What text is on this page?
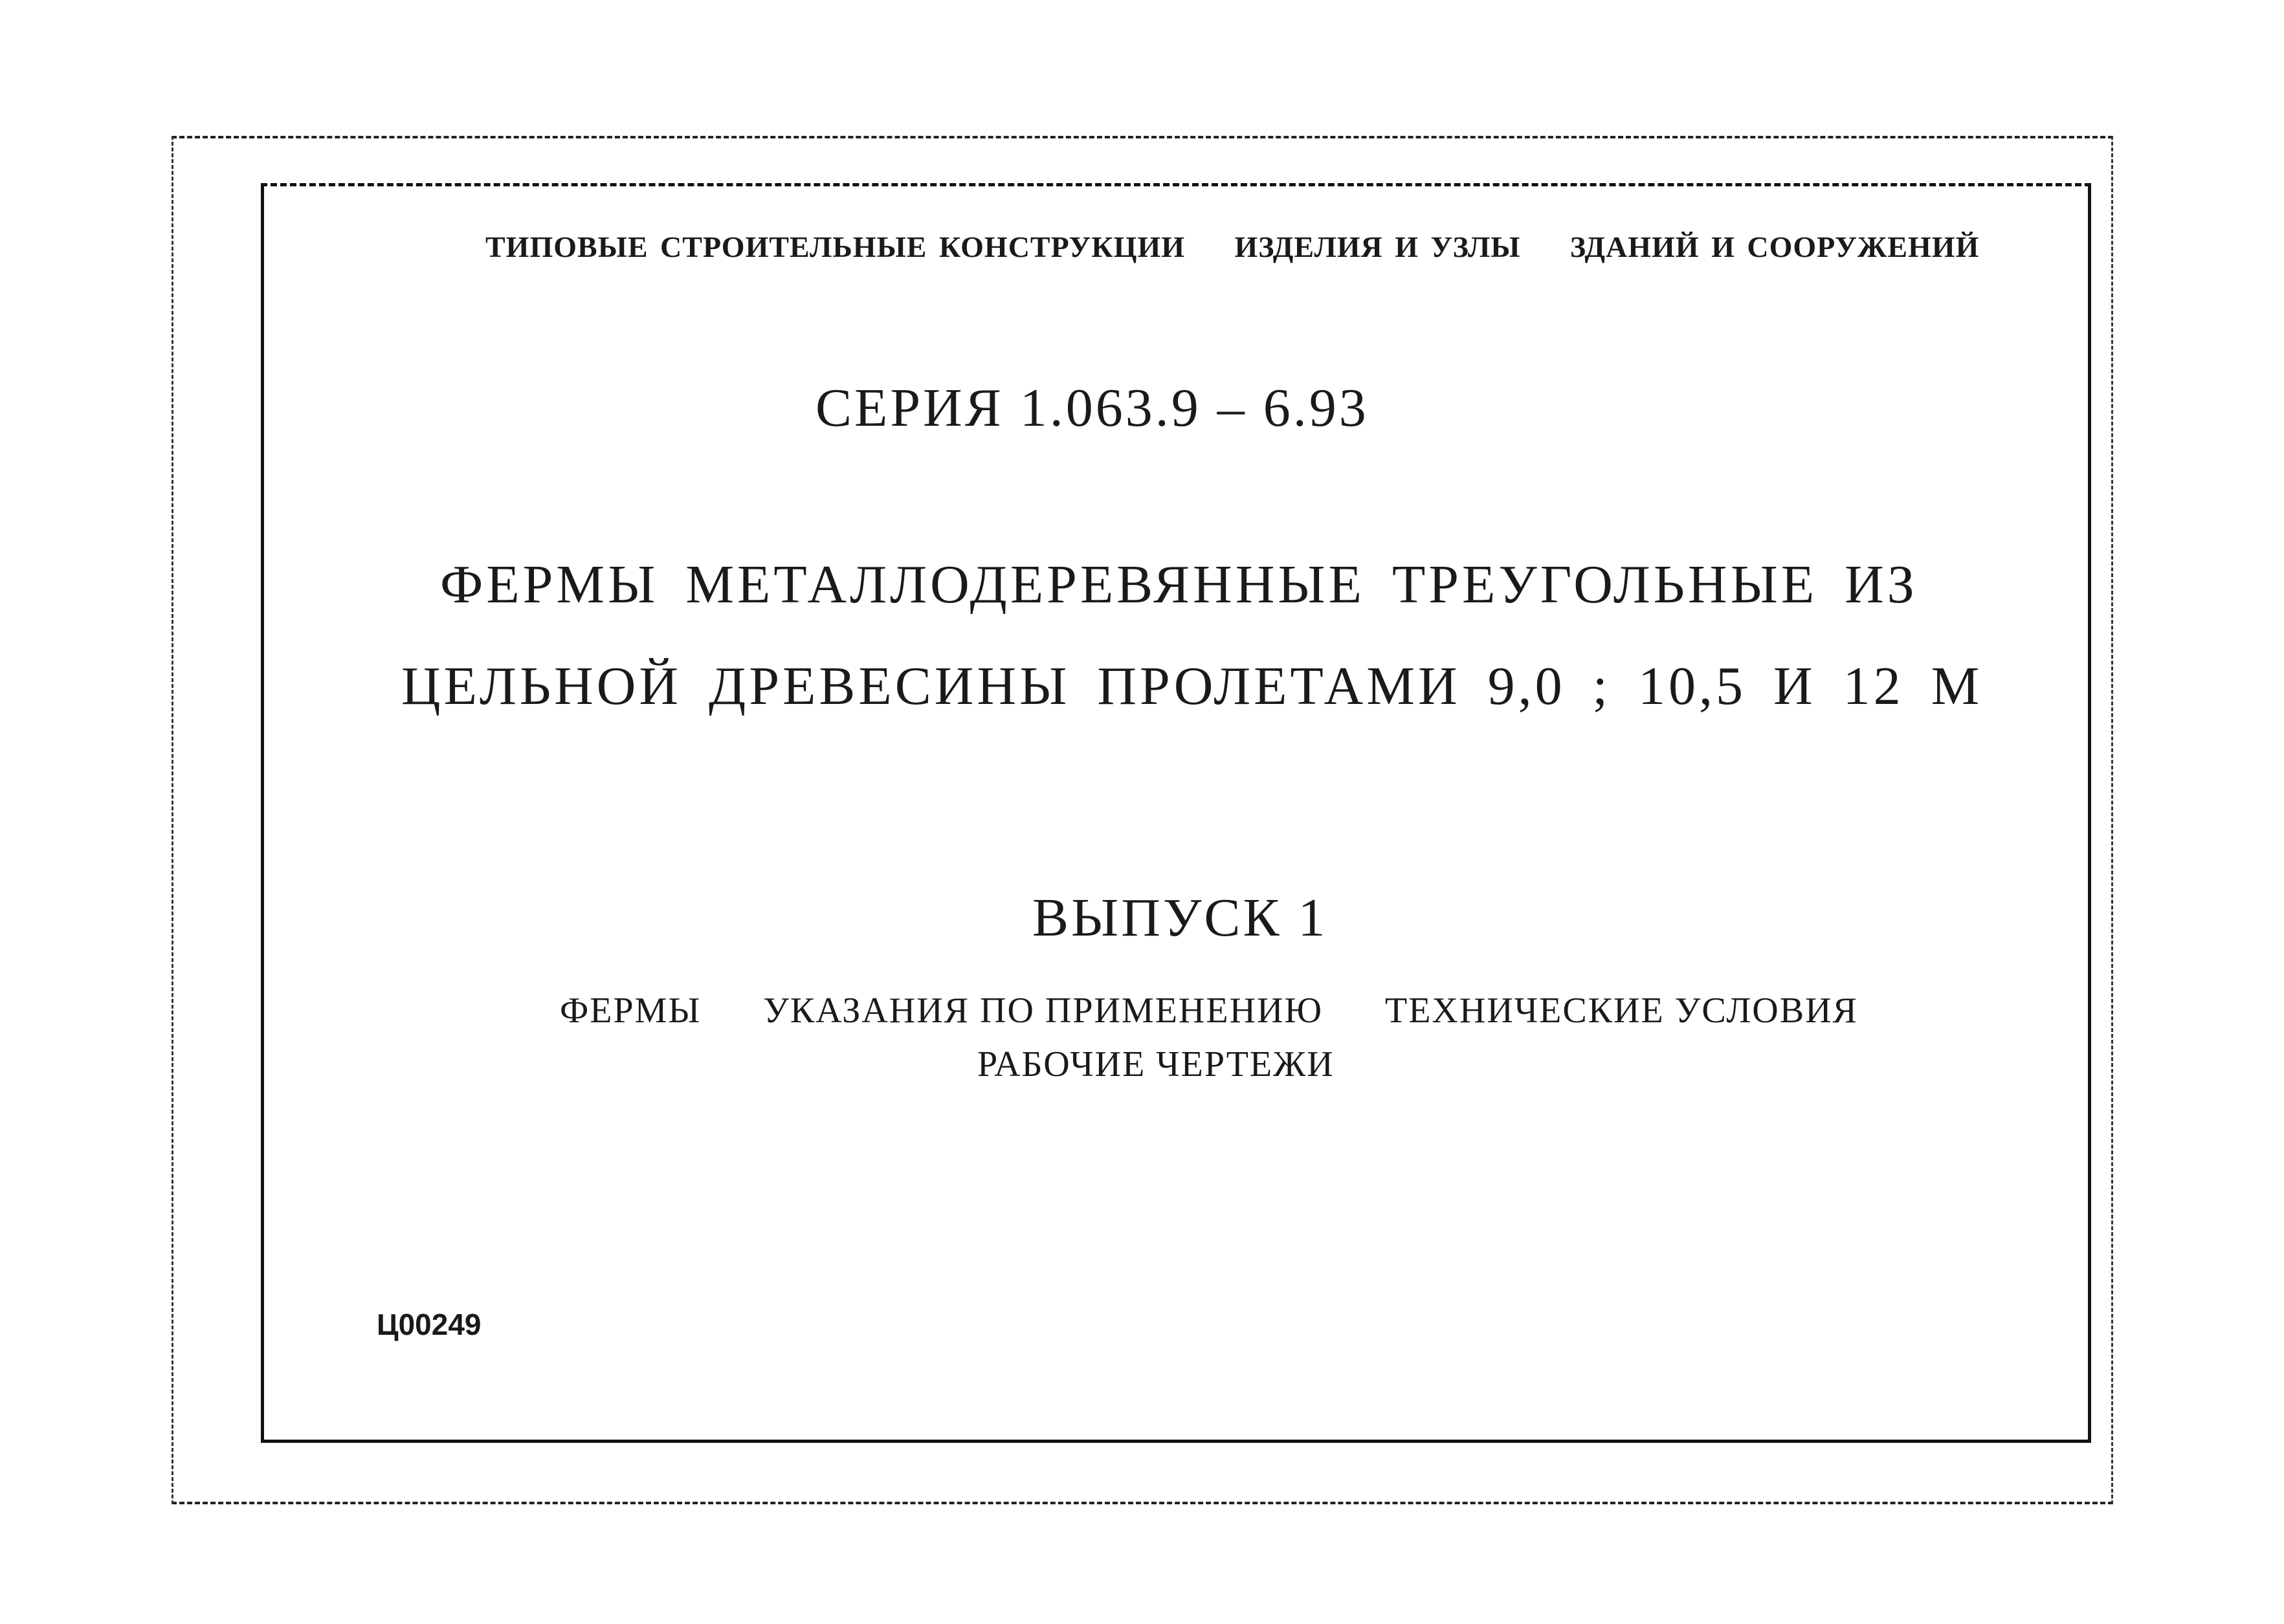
ТИПОВЫЕ СТРОИТЕЛЬНЫЕ КОНСТРУКЦИИ ИЗДЕЛИЯ И УЗЛЫ ЗДАНИЙ И СООРУЖЕНИЙ
СЕРИЯ 1.063.9 – 6.93
ФЕРМЫ МЕТАЛЛОДЕРЕВЯННЫЕ ТРЕУГОЛЬНЫЕ ИЗ
ЦЕЛЬНОЙ ДРЕВЕСИНЫ ПРОЛЕТАМИ 9,0 ; 10,5 И 12 М
ВЫПУСК 1
ФЕРМЫ УКАЗАНИЯ ПО ПРИМЕНЕНИЮ ТЕХНИЧЕСКИЕ УСЛОВИЯ
РАБОЧИЕ ЧЕРТЕЖИ
Ц00249
